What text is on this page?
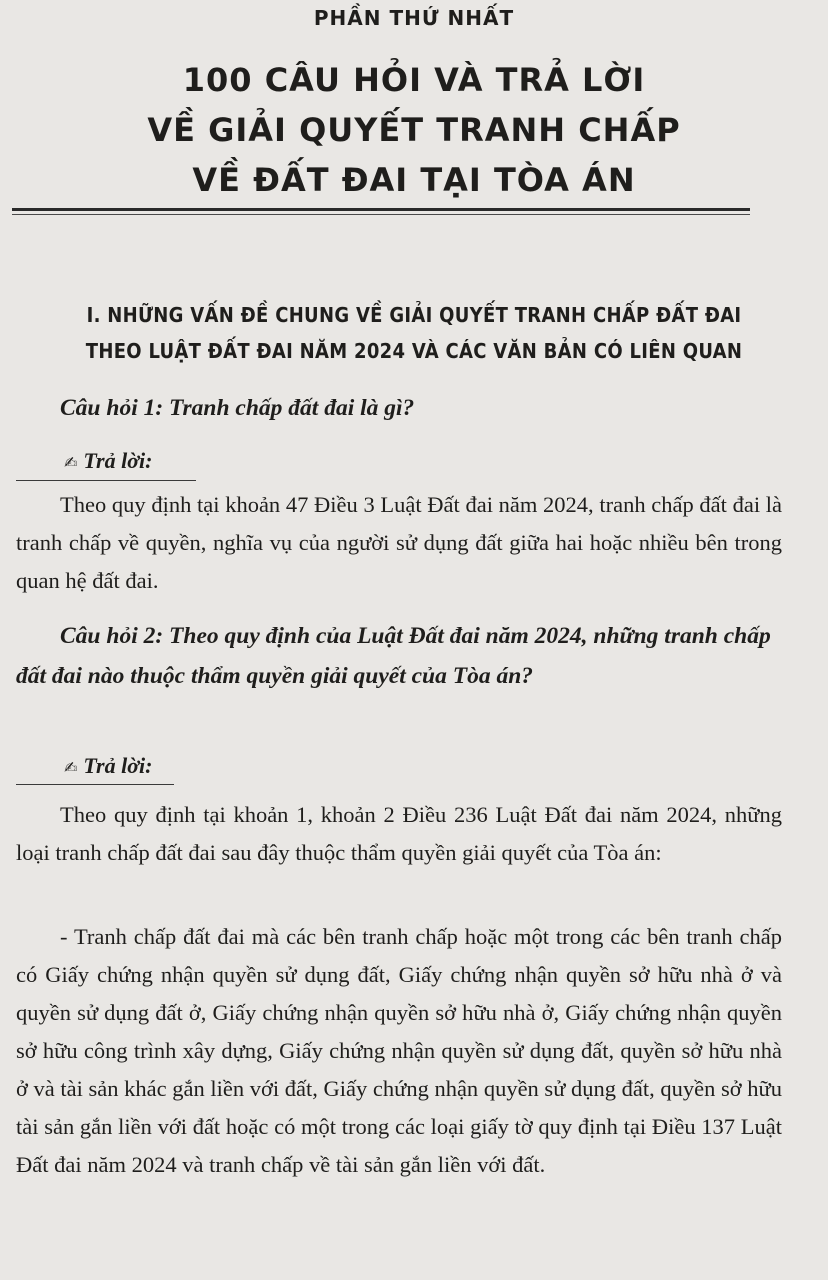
PHẦN THỨ NHẤT
100 CÂU HỎI VÀ TRẢ LỜI
VỀ GIẢI QUYẾT TRANH CHẤP
VỀ ĐẤT ĐAI TẠI TÒA ÁN
I. NHỮNG VẤN ĐỀ CHUNG VỀ GIẢI QUYẾT TRANH CHẤP ĐẤT ĐAI
THEO LUẬT ĐẤT ĐAI NĂM 2024 VÀ CÁC VĂN BẢN CÓ LIÊN QUAN
Câu hỏi 1: Tranh chấp đất đai là gì?
✍ Trả lời:
Theo quy định tại khoản 47 Điều 3 Luật Đất đai năm 2024, tranh chấp đất đai là tranh chấp về quyền, nghĩa vụ của người sử dụng đất giữa hai hoặc nhiều bên trong quan hệ đất đai.
Câu hỏi 2: Theo quy định của Luật Đất đai năm 2024, những tranh chấp đất đai nào thuộc thẩm quyền giải quyết của Tòa án?
✍ Trả lời:
Theo quy định tại khoản 1, khoản 2 Điều 236 Luật Đất đai năm 2024, những loại tranh chấp đất đai sau đây thuộc thẩm quyền giải quyết của Tòa án:
- Tranh chấp đất đai mà các bên tranh chấp hoặc một trong các bên tranh chấp có Giấy chứng nhận quyền sử dụng đất, Giấy chứng nhận quyền sở hữu nhà ở và quyền sử dụng đất ở, Giấy chứng nhận quyền sở hữu nhà ở, Giấy chứng nhận quyền sở hữu công trình xây dựng, Giấy chứng nhận quyền sử dụng đất, quyền sở hữu nhà ở và tài sản khác gắn liền với đất, Giấy chứng nhận quyền sử dụng đất, quyền sở hữu tài sản gắn liền với đất hoặc có một trong các loại giấy tờ quy định tại Điều 137 Luật Đất đai năm 2024 và tranh chấp về tài sản gắn liền với đất.
